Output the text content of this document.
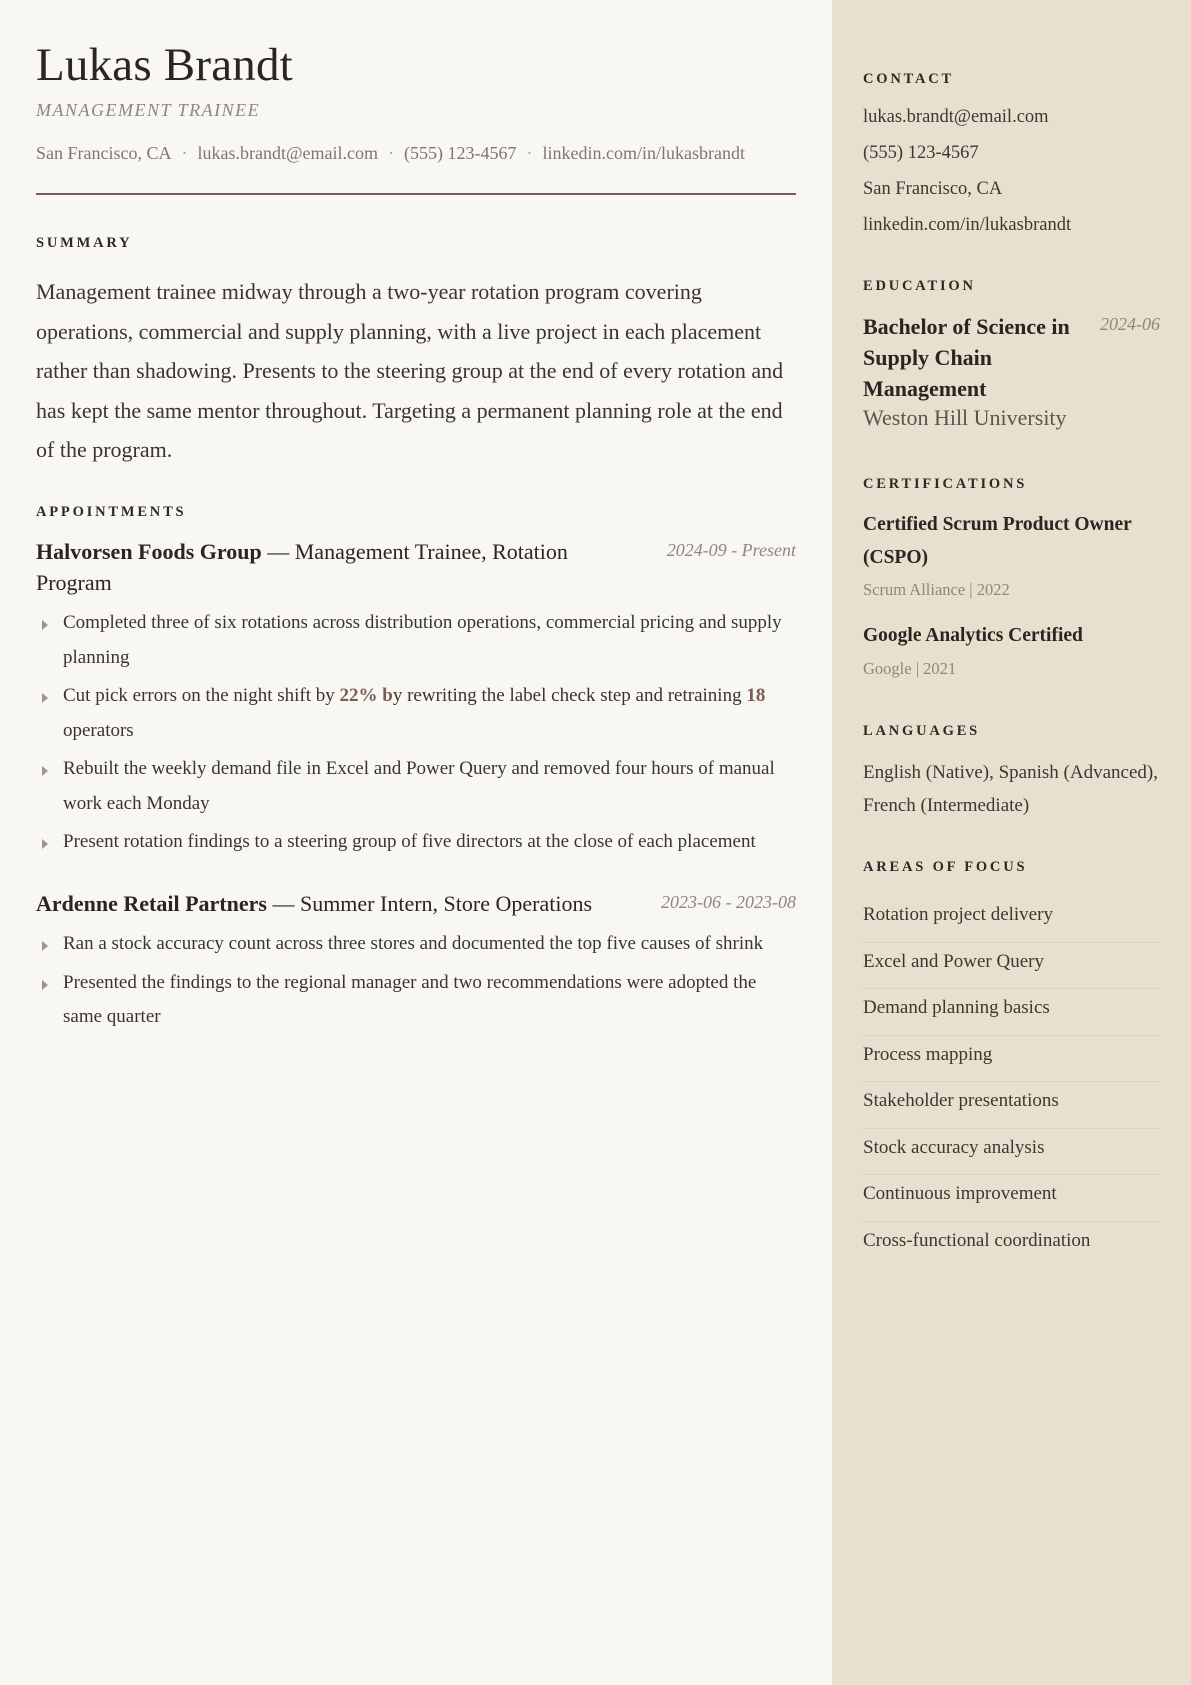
Lukas Brandt
MANAGEMENT TRAINEE
San Francisco, CA · lukas.brandt@email.com · (555) 123-4567 · linkedin.com/in/lukasbrandt
SUMMARY

Management trainee midway through a two-year rotation program covering operations, commercial and supply planning, with a live project in each placement rather than shadowing. Presents to the steering group at the end of every rotation and has kept the same mentor throughout. Targeting a permanent planning role at the end of the program.

APPOINTMENTS
Halvorsen Foods Group — Management Trainee, Rotation Program
2024-09 - Present
Completed three of six rotations across distribution operations, commercial pricing and supply planning
Cut pick errors on the night shift by 22% by rewriting the label check step and retraining 18 operators
Rebuilt the weekly demand file in Excel and Power Query and removed four hours of manual work each Monday
Present rotation findings to a steering group of five directors at the close of each placement
Ardenne Retail Partners — Summer Intern, Store Operations	2023-06 - 2023-08
Ran a stock accuracy count across three stores and documented the top five causes of shrink
Presented the findings to the regional manager and two recommendations were adopted the same quarter
CONTACT
lukas.brandt@email.com
(555) 123-4567
San Francisco, CA
linkedin.com/in/lukasbrandt
EDUCATION
Bachelor of Science in Supply Chain Management
2024-06
Weston Hill University
CERTIFICATIONS
Certified Scrum Product Owner (CSPO)
Scrum Alliance | 2022
Google Analytics Certified
Google | 2021
LANGUAGES
English (Native), Spanish (Advanced), French (Intermediate)
AREAS OF FOCUS
Rotation project delivery
Excel and Power Query
Demand planning basics
Process mapping
Stakeholder presentations
Stock accuracy analysis
Continuous improvement
Cross-functional coordination
